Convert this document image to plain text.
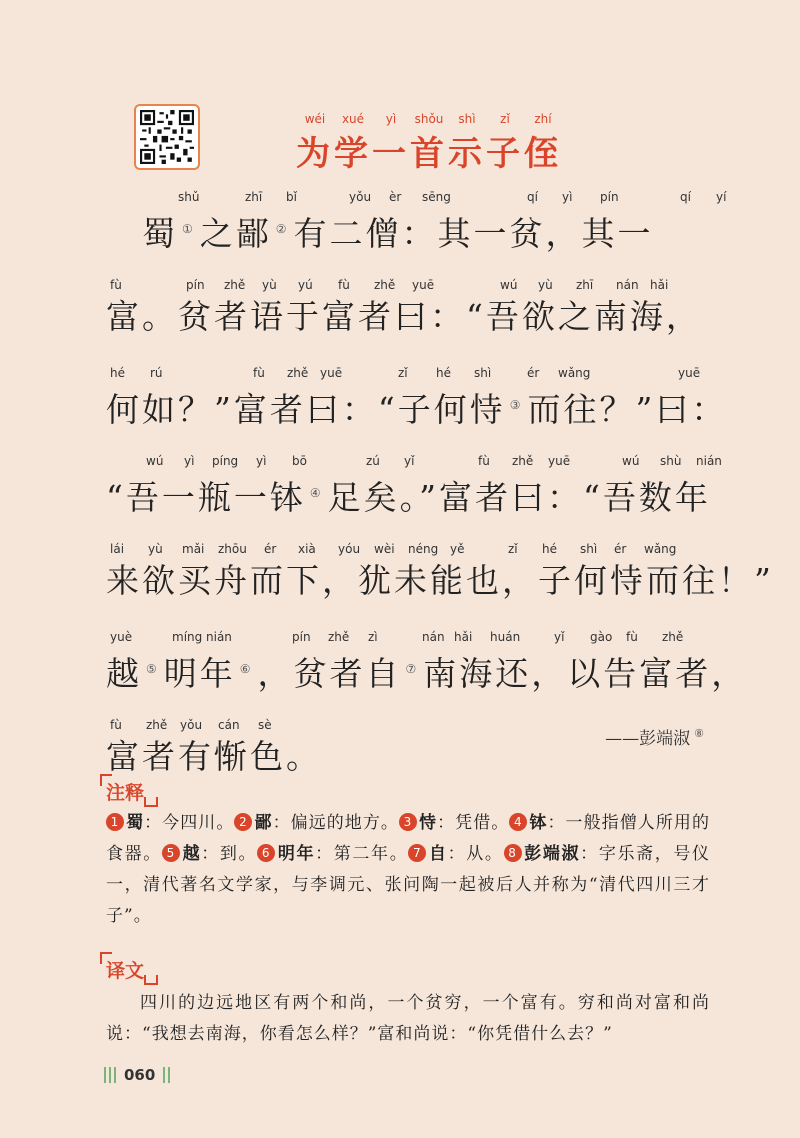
wéi	xué	yì	shǒu	shì	zǐ	zhí
为学一首示子侄
shǔ	zhī bǐ	yǒu èr sēng	qí yì pín	qí yí
　蜀 ① 之鄙 ② 有二僧：其一贫，其一
fù	pín zhě yù yú fù zhě yuē	wú yù zhī nán hǎi
富。贫者语于富者曰：“吾欲之南海，
hé rú	fù zhě yuē	zǐ hé shì	ér wǎng	yuē
何如？”富者曰：“子何恃 ③ 而往？”曰：
wú yì píng yì bō	zú yǐ	fù zhě yuē	wú shù nián
“吾一瓶一钵 ④ 足矣。”富者曰：“吾数年
lái yù mǎi zhōu ér xià yóu wèi néng yě	zǐ hé shì ér wǎng
来欲买舟而下，犹未能也，子何恃而往！”
yuè	míng nián	pín zhě zì	nán hǎi huán	yǐ gào fù zhě
越 ⑤ 明年 ⑥ ，贫者自 ⑦ 南海还，以告富者，
fù zhě yǒu cán sè
富者有惭色。	——彭端淑 ⑧
注释
1 蜀：今四川。 2 鄙：偏远的地方。 3 恃：凭借。 4 钵：一般指僧人所用的食器。 5 越：到。 6 明年：第二年。 7 自：从。 8 彭端淑：字乐斋，号仪一，清代著名文学家，与李调元、张问陶一起被后人并称为“清代四川三才子”。
译文

四川的边远地区有两个和尚，一个贫穷，一个富有。穷和尚对富和尚说：“我想去南海，你看怎么样？”富和尚说：“你凭借什么去？”

060
